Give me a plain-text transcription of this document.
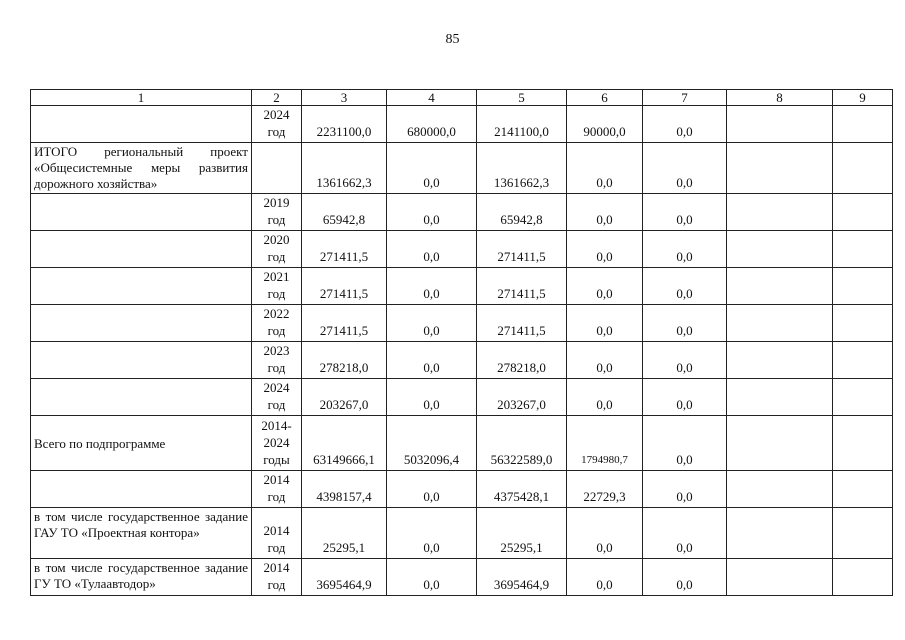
85
1	2	3	4	5	6	7	8	9
	2024 год	2231100,0	680000,0	2141100,0	90000,0	0,0		
ИТОГО региональный проект «Общесистемные меры развития дорожного хозяйства»		1361662,3	0,0	1361662,3	0,0	0,0		
	2019 год	65942,8	0,0	65942,8	0,0	0,0		
	2020 год	271411,5	0,0	271411,5	0,0	0,0		
	2021 год	271411,5	0,0	271411,5	0,0	0,0		
	2022 год	271411,5	0,0	271411,5	0,0	0,0		
	2023 год	278218,0	0,0	278218,0	0,0	0,0		
	2024 год	203267,0	0,0	203267,0	0,0	0,0		
Всего по подпрограмме	2014-2024 годы	63149666,1	5032096,4	56322589,0	1794980,7	0,0		
	2014 год	4398157,4	0,0	4375428,1	22729,3	0,0		
в том числе государственное задание ГАУ ТО «Проектная контора»	2014 год	25295,1	0,0	25295,1	0,0	0,0		
в том числе государственное задание ГУ ТО «Тулаавтодор»	2014 год	3695464,9	0,0	3695464,9	0,0	0,0		
